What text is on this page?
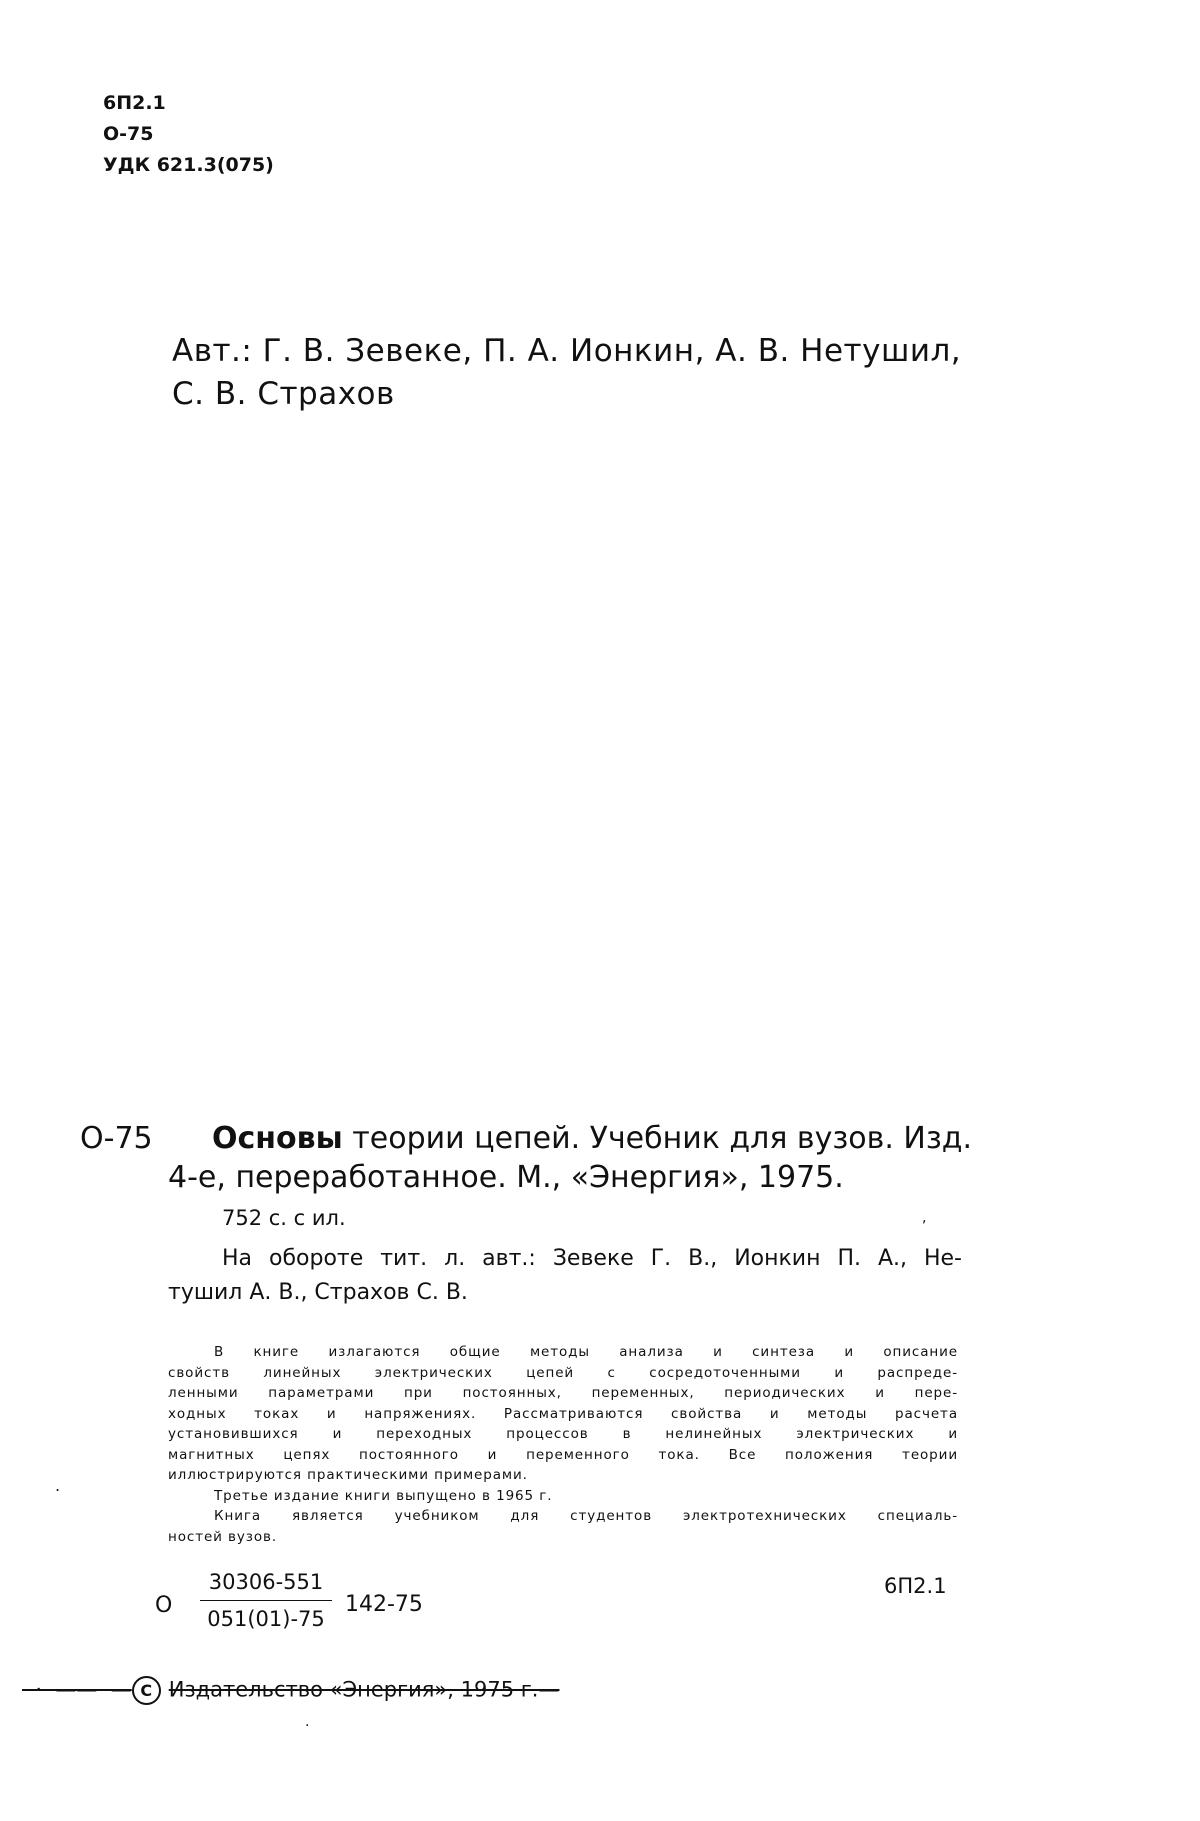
6П2.1
О-75
УДК 621.3(075)
Авт.: Г. В. Зевеке, П. А. Ионкин, А. В. Нетушил,
С. В. Страхов
О-75 Основы теории цепей. Учебник для вузов. Изд.
4-е, переработанное. М., «Энергия», 1975.
752 с. с ил.	,
На обороте тит. л. авт.: Зевеке Г. В., Ионкин П. А., Не-
тушил А. В., Страхов С. В.
В книге излагаются общие методы анализа и синтеза и описание
свойств линейных электрических цепей с сосредоточенными и распреде-
ленными параметрами при постоянных, переменных, периодических и пере-
ходных токах и напряжениях. Рассматриваются свойства и методы расчета
установившихся и переходных процессов в нелинейных электрических и
магнитных цепях постоянного и переменного тока. Все положения теории
иллюстрируются практическими примерами.
Третье издание книги выпущено в 1965 г.
Книга является учебником для студентов электротехнических специаль-
ностей вузов.
.
О $\frac{30306-551}{051(01)-75} 142-75$
6П2.1
·  ——  — С Издательство «Энергия», 1975 г.—
·
